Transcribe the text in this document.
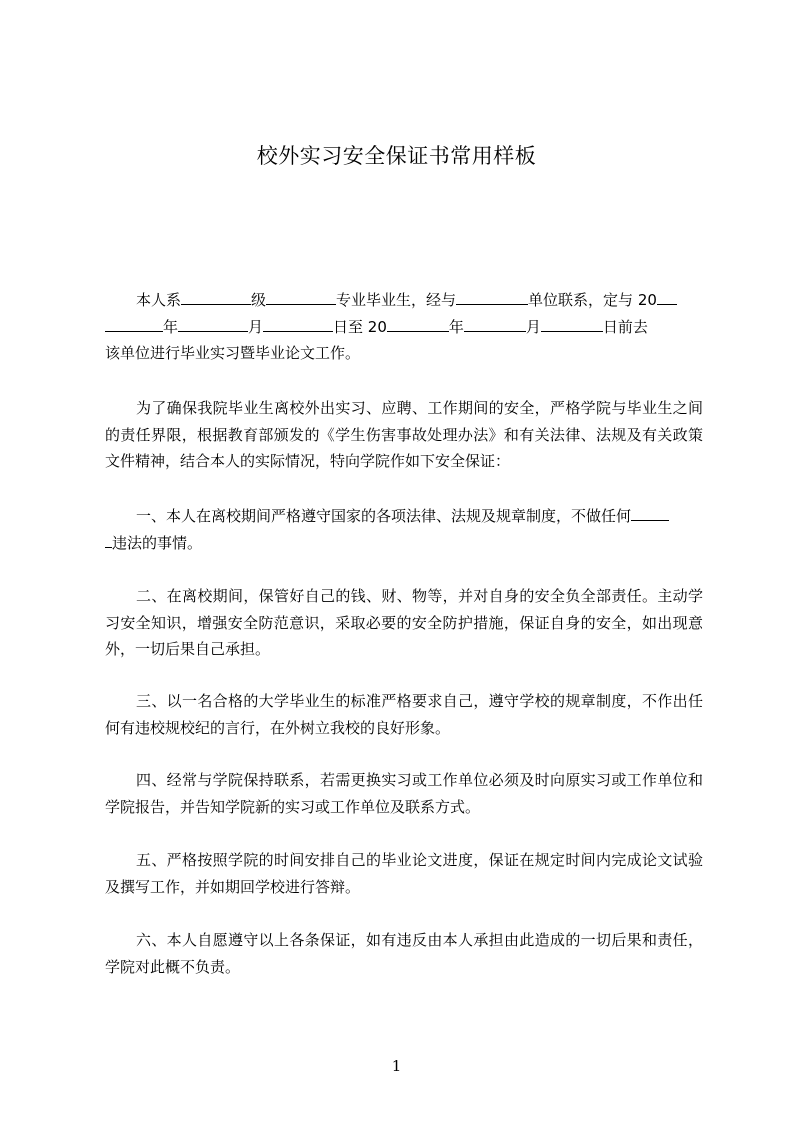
校外实习安全保证书常用样板
本人系	级	专业毕业生，经与	单位联系，定与 20
年	月	日至 20	年	月	日前去
该单位进行毕业实习暨毕业论文工作。

为了确保我院毕业生离校外出实习、应聘、工作期间的安全，严格学院与毕业生之间的责任界限，根据教育部颁发的《学生伤害事故处理办法》和有关法律、法规及有关政策文件精神，结合本人的实际情况，特向学院作如下安全保证：

一、本人在离校期间严格遵守国家的各项法律、法规及规章制度，不做任何
违法的事情。

二、在离校期间，保管好自己的钱、财、物等，并对自身的安全负全部责任。主动学习安全知识，增强安全防范意识，采取必要的安全防护措施，保证自身的安全，如出现意外，一切后果自己承担。

三、以一名合格的大学毕业生的标准严格要求自己，遵守学校的规章制度，不作出任何有违校规校纪的言行，在外树立我校的良好形象。

四、经常与学院保持联系，若需更换实习或工作单位必须及时向原实习或工作单位和学院报告，并告知学院新的实习或工作单位及联系方式。

五、严格按照学院的时间安排自己的毕业论文进度，保证在规定时间内完成论文试验及撰写工作，并如期回学校进行答辩。

六、本人自愿遵守以上各条保证，如有违反由本人承担由此造成的一切后果和责任，学院对此概不负责。

1
